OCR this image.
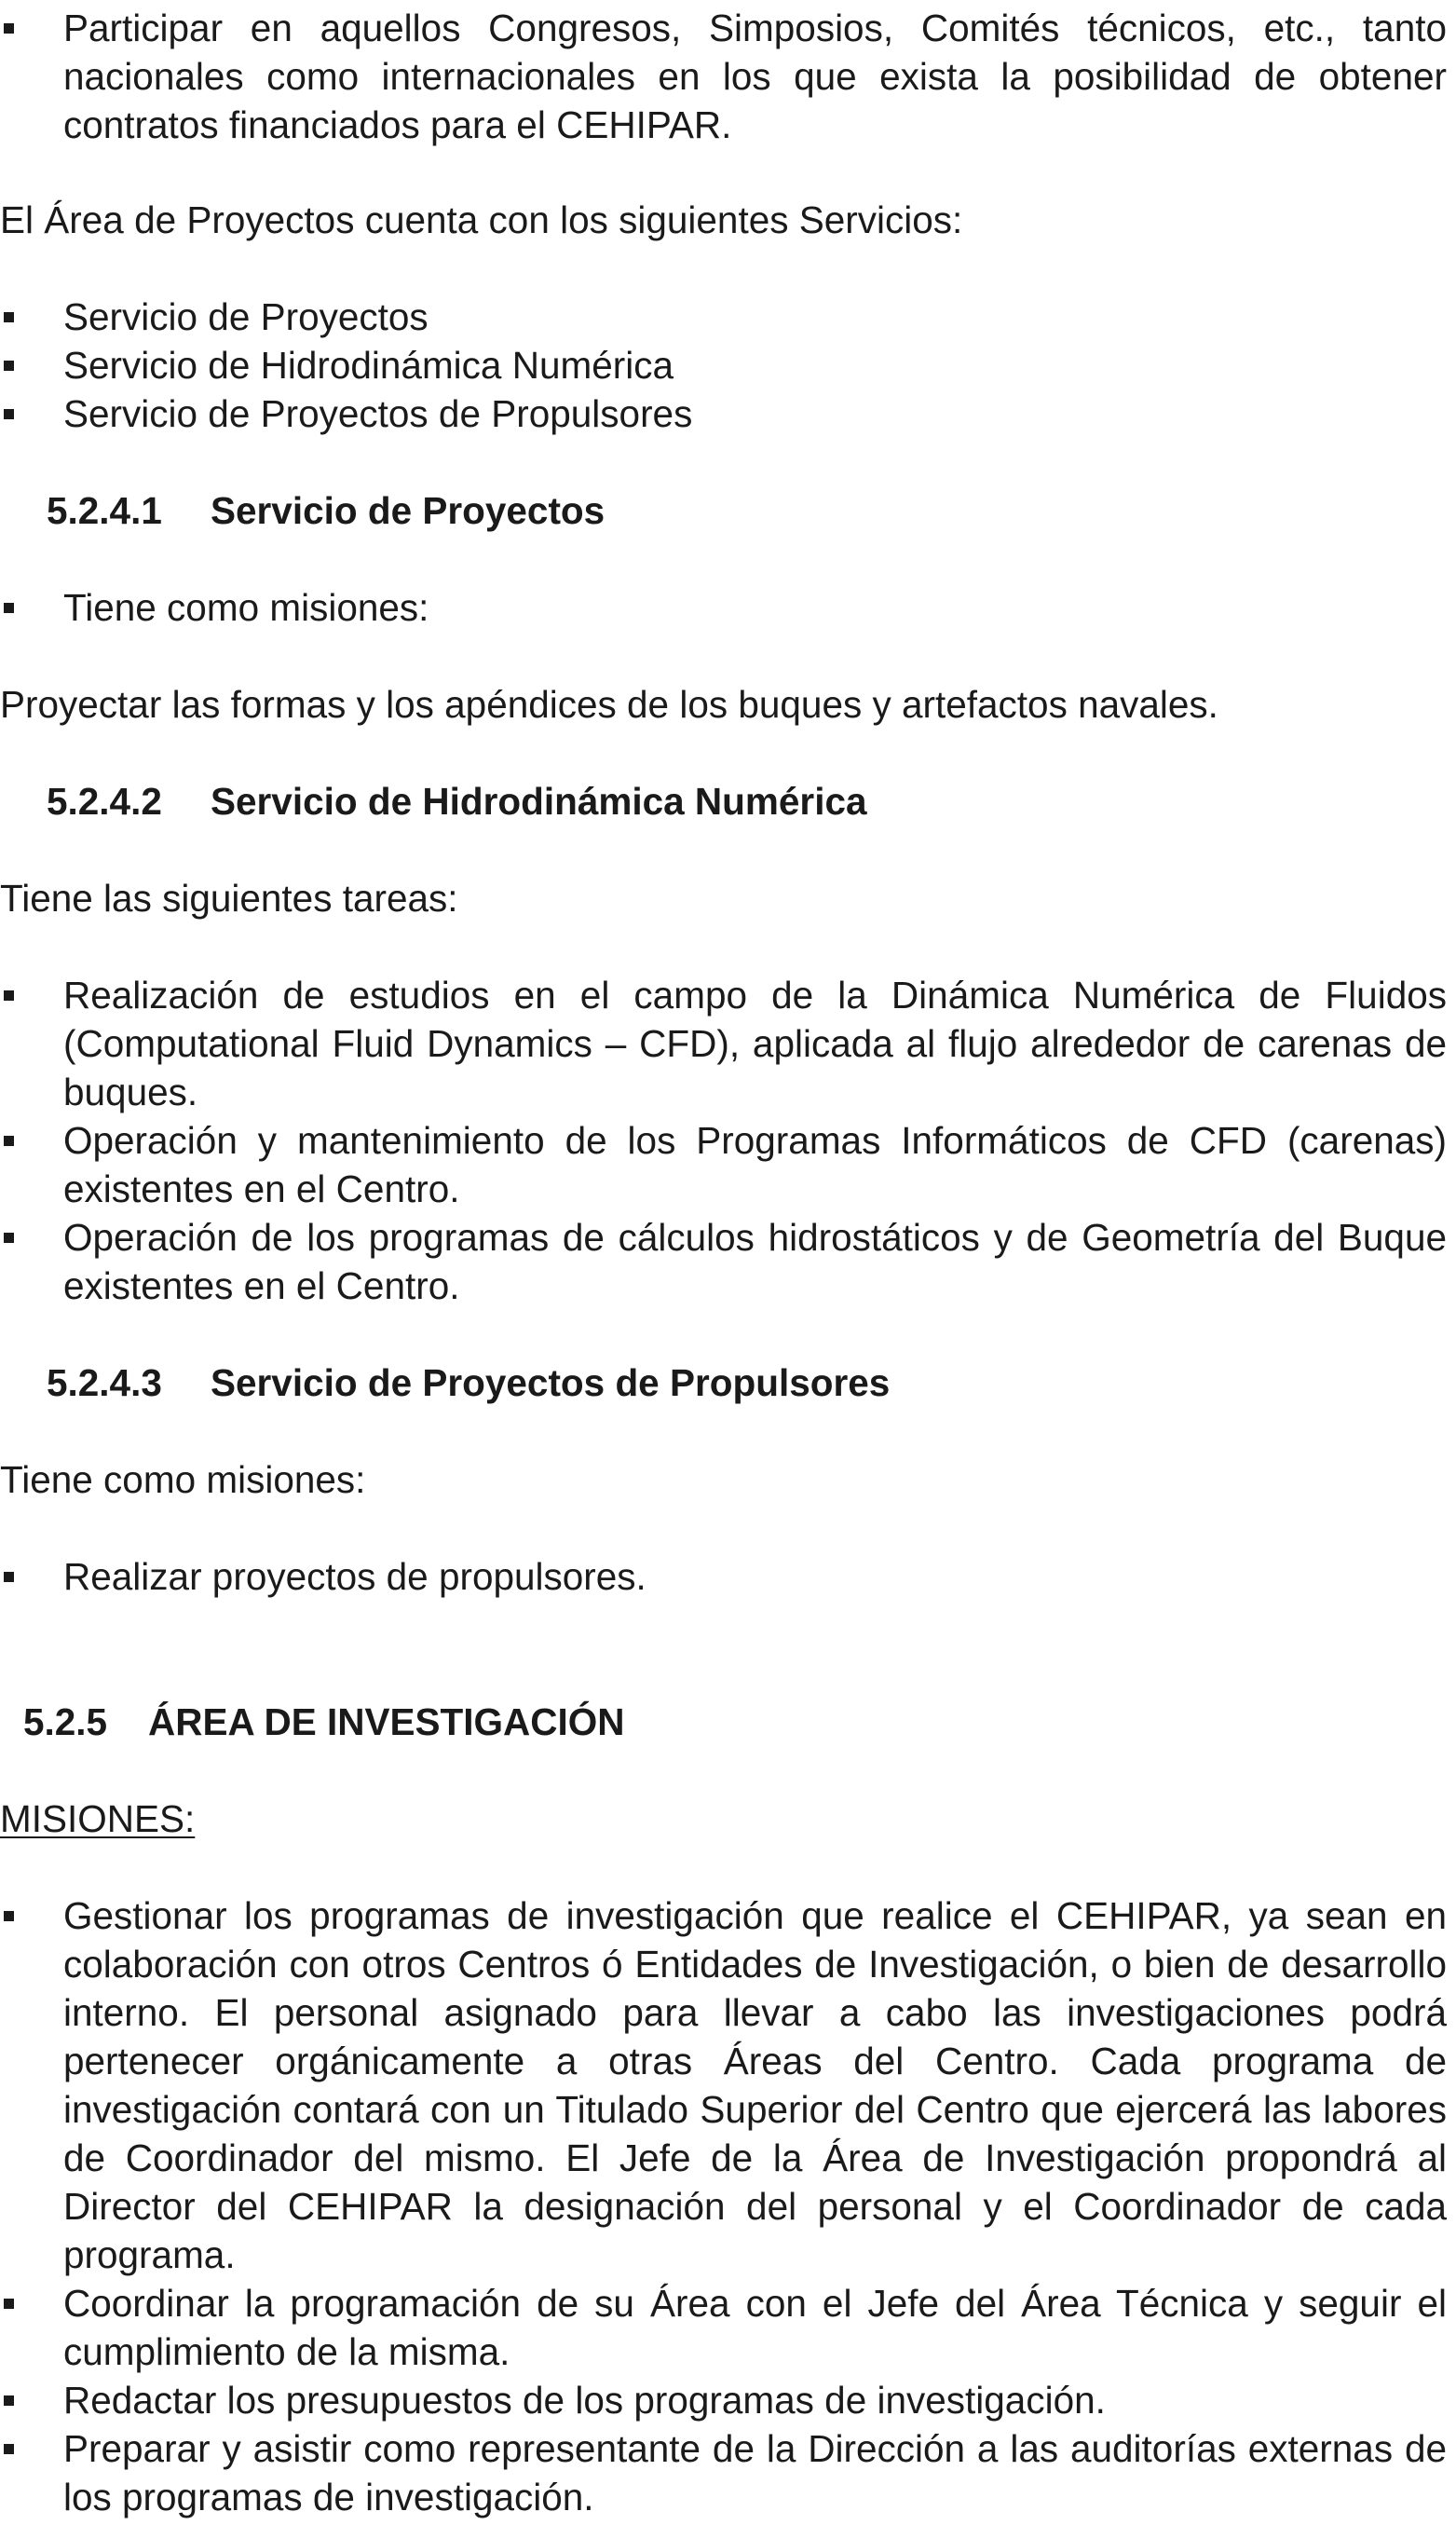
Participar en aquellos Congresos, Simposios, Comités técnicos, etc., tanto nacionales como internacionales en los que exista la posibilidad de obtener contratos financiados para el CEHIPAR.

El Área de Proyectos cuenta con los siguientes Servicios:

Servicio de Proyectos
Servicio de Hidrodinámica Numérica
Servicio de Proyectos de Propulsores
5.2.4.1 Servicio de Proyectos
Tiene como misiones:

Proyectar las formas y los apéndices de los buques y artefactos navales.

5.2.4.2 Servicio de Hidrodinámica Numérica

Tiene las siguientes tareas:

Realización de estudios en el campo de la Dinámica Numérica de Fluidos (Computational Fluid Dynamics – CFD), aplicada al flujo alrededor de carenas de buques.
Operación y mantenimiento de los Programas Informáticos de CFD (carenas) existentes en el Centro.
Operación de los programas de cálculos hidrostáticos y de Geometría del Buque existentes en el Centro.
5.2.4.3 Servicio de Proyectos de Propulsores

Tiene como misiones:

Realizar proyectos de propulsores.
5.2.5 ÁREA DE INVESTIGACIÓN

MISIONES:

Gestionar los programas de investigación que realice el CEHIPAR, ya sean en colaboración con otros Centros ó Entidades de Investigación, o bien de desarrollo interno. El personal asignado para llevar a cabo las investigaciones podrá pertenecer orgánicamente a otras Áreas del Centro. Cada programa de investigación contará con un Titulado Superior del Centro que ejercerá las labores de Coordinador del mismo. El Jefe de la Área de Investigación propondrá al Director del CEHIPAR la designación del personal y el Coordinador de cada programa.
Coordinar la programación de su Área con el Jefe del Área Técnica y seguir el cumplimiento de la misma.
Redactar los presupuestos de los programas de investigación.
Preparar y asistir como representante de la Dirección a las auditorías externas de los programas de investigación.
